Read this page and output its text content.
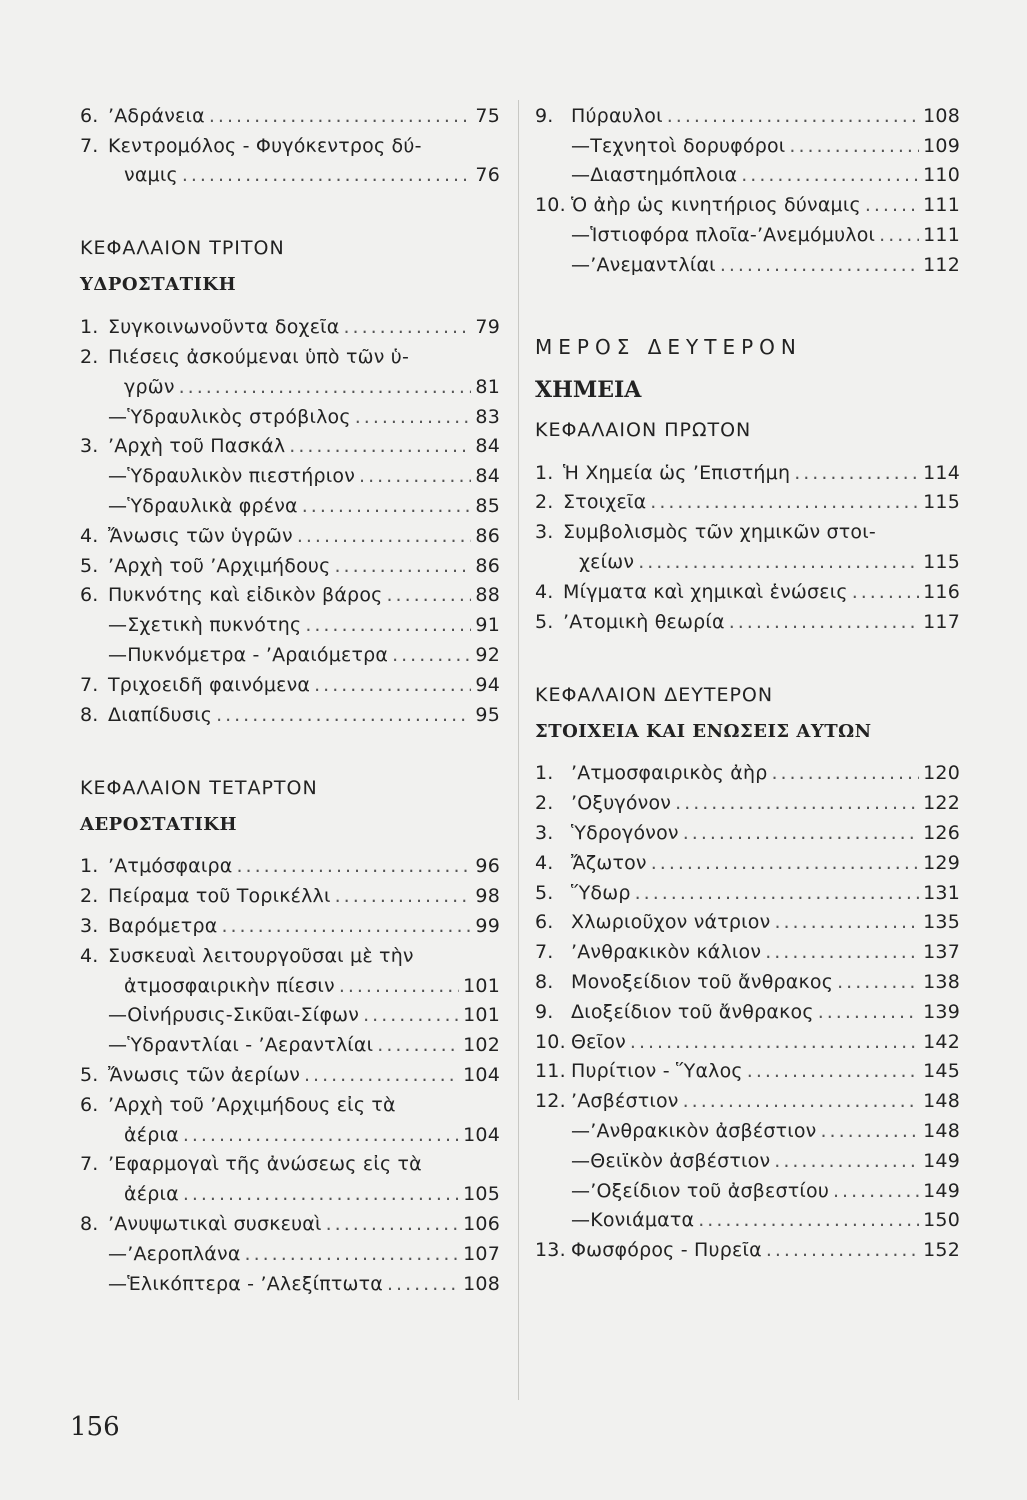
6. ’Αδράνεια .....	75
7. Κεντρομόλος - Φυγόκεντρος δύ-
ναμις .....	76
ΚΕΦΑΛΑΙΟΝ ΤΡΙΤΟΝ
ΥΔΡΟΣΤΑΤΙΚΗ
1. Συγκοινωνοῦντα δοχεῖα .....	79
2. Πιέσεις ἀσκούμεναι ὑπὸ τῶν ὑ-
γρῶν .....	81
—Ὑδραυλικὸς στρόβιλος .....	83
3. ’Αρχὴ τοῦ Πασκάλ .....	84
—Ὑδραυλικὸν πιεστήριον .....	84
—Ὑδραυλικὰ φρένα .....	85
4. Ἄνωσις τῶν ὑγρῶν .....	86
5. ’Αρχὴ τοῦ ’Αρχιμήδους .....	86
6. Πυκνότης καὶ εἰδικὸν βάρος .....	88
—Σχετικὴ πυκνότης .....	91
—Πυκνόμετρα - ’Αραιόμετρα .....	92
7. Τριχοειδῆ φαινόμενα .....	94
8. Διαπίδυσις .....	95
ΚΕΦΑΛΑΙΟΝ ΤΕΤΑΡΤΟΝ
ΑΕΡΟΣΤΑΤΙΚΗ
1. ’Ατμόσφαιρα .....	96
2. Πείραμα τοῦ Τορικέλλι .....	98
3. Βαρόμετρα .....	99
4. Συσκευαὶ λειτουργοῦσαι μὲ τὴν
ἀτμοσφαιρικὴν πίεσιν .....	101
—Οἰνήρυσις-Σικῦαι-Σίφων .....	101
—Ὑδραντλίαι - ’Αεραντλίαι .....	102
5. Ἄνωσις τῶν ἀερίων .....	104
6. ’Αρχὴ τοῦ ’Αρχιμήδους εἰς τὰ
ἀέρια .....	104
7. ’Εφαρμογαὶ τῆς ἀνώσεως εἰς τὰ
ἀέρια .....	105
8. ’Ανυψωτικαὶ συσκευαὶ .....	106
—’Αεροπλάνα .....	107
—Ἑλικόπτερα - ’Αλεξίπτωτα .....	108
9. Πύραυλοι .....	108
—Τεχνητοὶ δορυφόροι .....	109
—Διαστημόπλοια .....	110
10. Ὁ ἀὴρ ὡς κινητήριος δύναμις .....	111
—Ἱστιοφόρα πλοῖα-’Ανεμόμυλοι .....	111
—’Ανεμαντλίαι .....	112
ΜΕΡΟΣ ΔΕΥΤΕΡΟΝ
ΧΗΜΕΙΑ
ΚΕΦΑΛΑΙΟΝ ΠΡΩΤΟΝ
1. Ἡ Χημεία ὡς ’Επιστήμη .....	114
2. Στοιχεῖα .....	115
3. Συμβολισμὸς τῶν χημικῶν στοι-
χείων .....	115
4. Μίγματα καὶ χημικαὶ ἑνώσεις .....	116
5. ’Ατομικὴ θεωρία .....	117
ΚΕΦΑΛΑΙΟΝ ΔΕΥΤΕΡΟΝ
ΣΤΟΙΧΕΙΑ ΚΑΙ ΕΝΩΣΕΙΣ ΑΥΤΩΝ
1. ’Ατμοσφαιρικὸς ἀὴρ .....	120
2. ’Οξυγόνον .....	122
3. Ὑδρογόνον .....	126
4. Ἄζωτον .....	129
5. Ὕδωρ .....	131
6. Χλωριοῦχον νάτριον .....	135
7. ’Ανθρακικὸν κάλιον .....	137
8. Μονοξείδιον τοῦ ἄνθρακος .....	138
9. Διοξείδιον τοῦ ἄνθρακος .....	139
10. Θεῖον .....	142
11. Πυρίτιον - Ὕαλος .....	145
12. ’Ασβέστιον .....	148
—’Ανθρακικὸν ἀσβέστιον .....	148
—Θειϊκὸν ἀσβέστιον .....	149
—’Οξείδιον τοῦ ἀσβεστίου .....	149
—Κονιάματα .....	150
13. Φωσφόρος - Πυρεῖα .....	152
156
